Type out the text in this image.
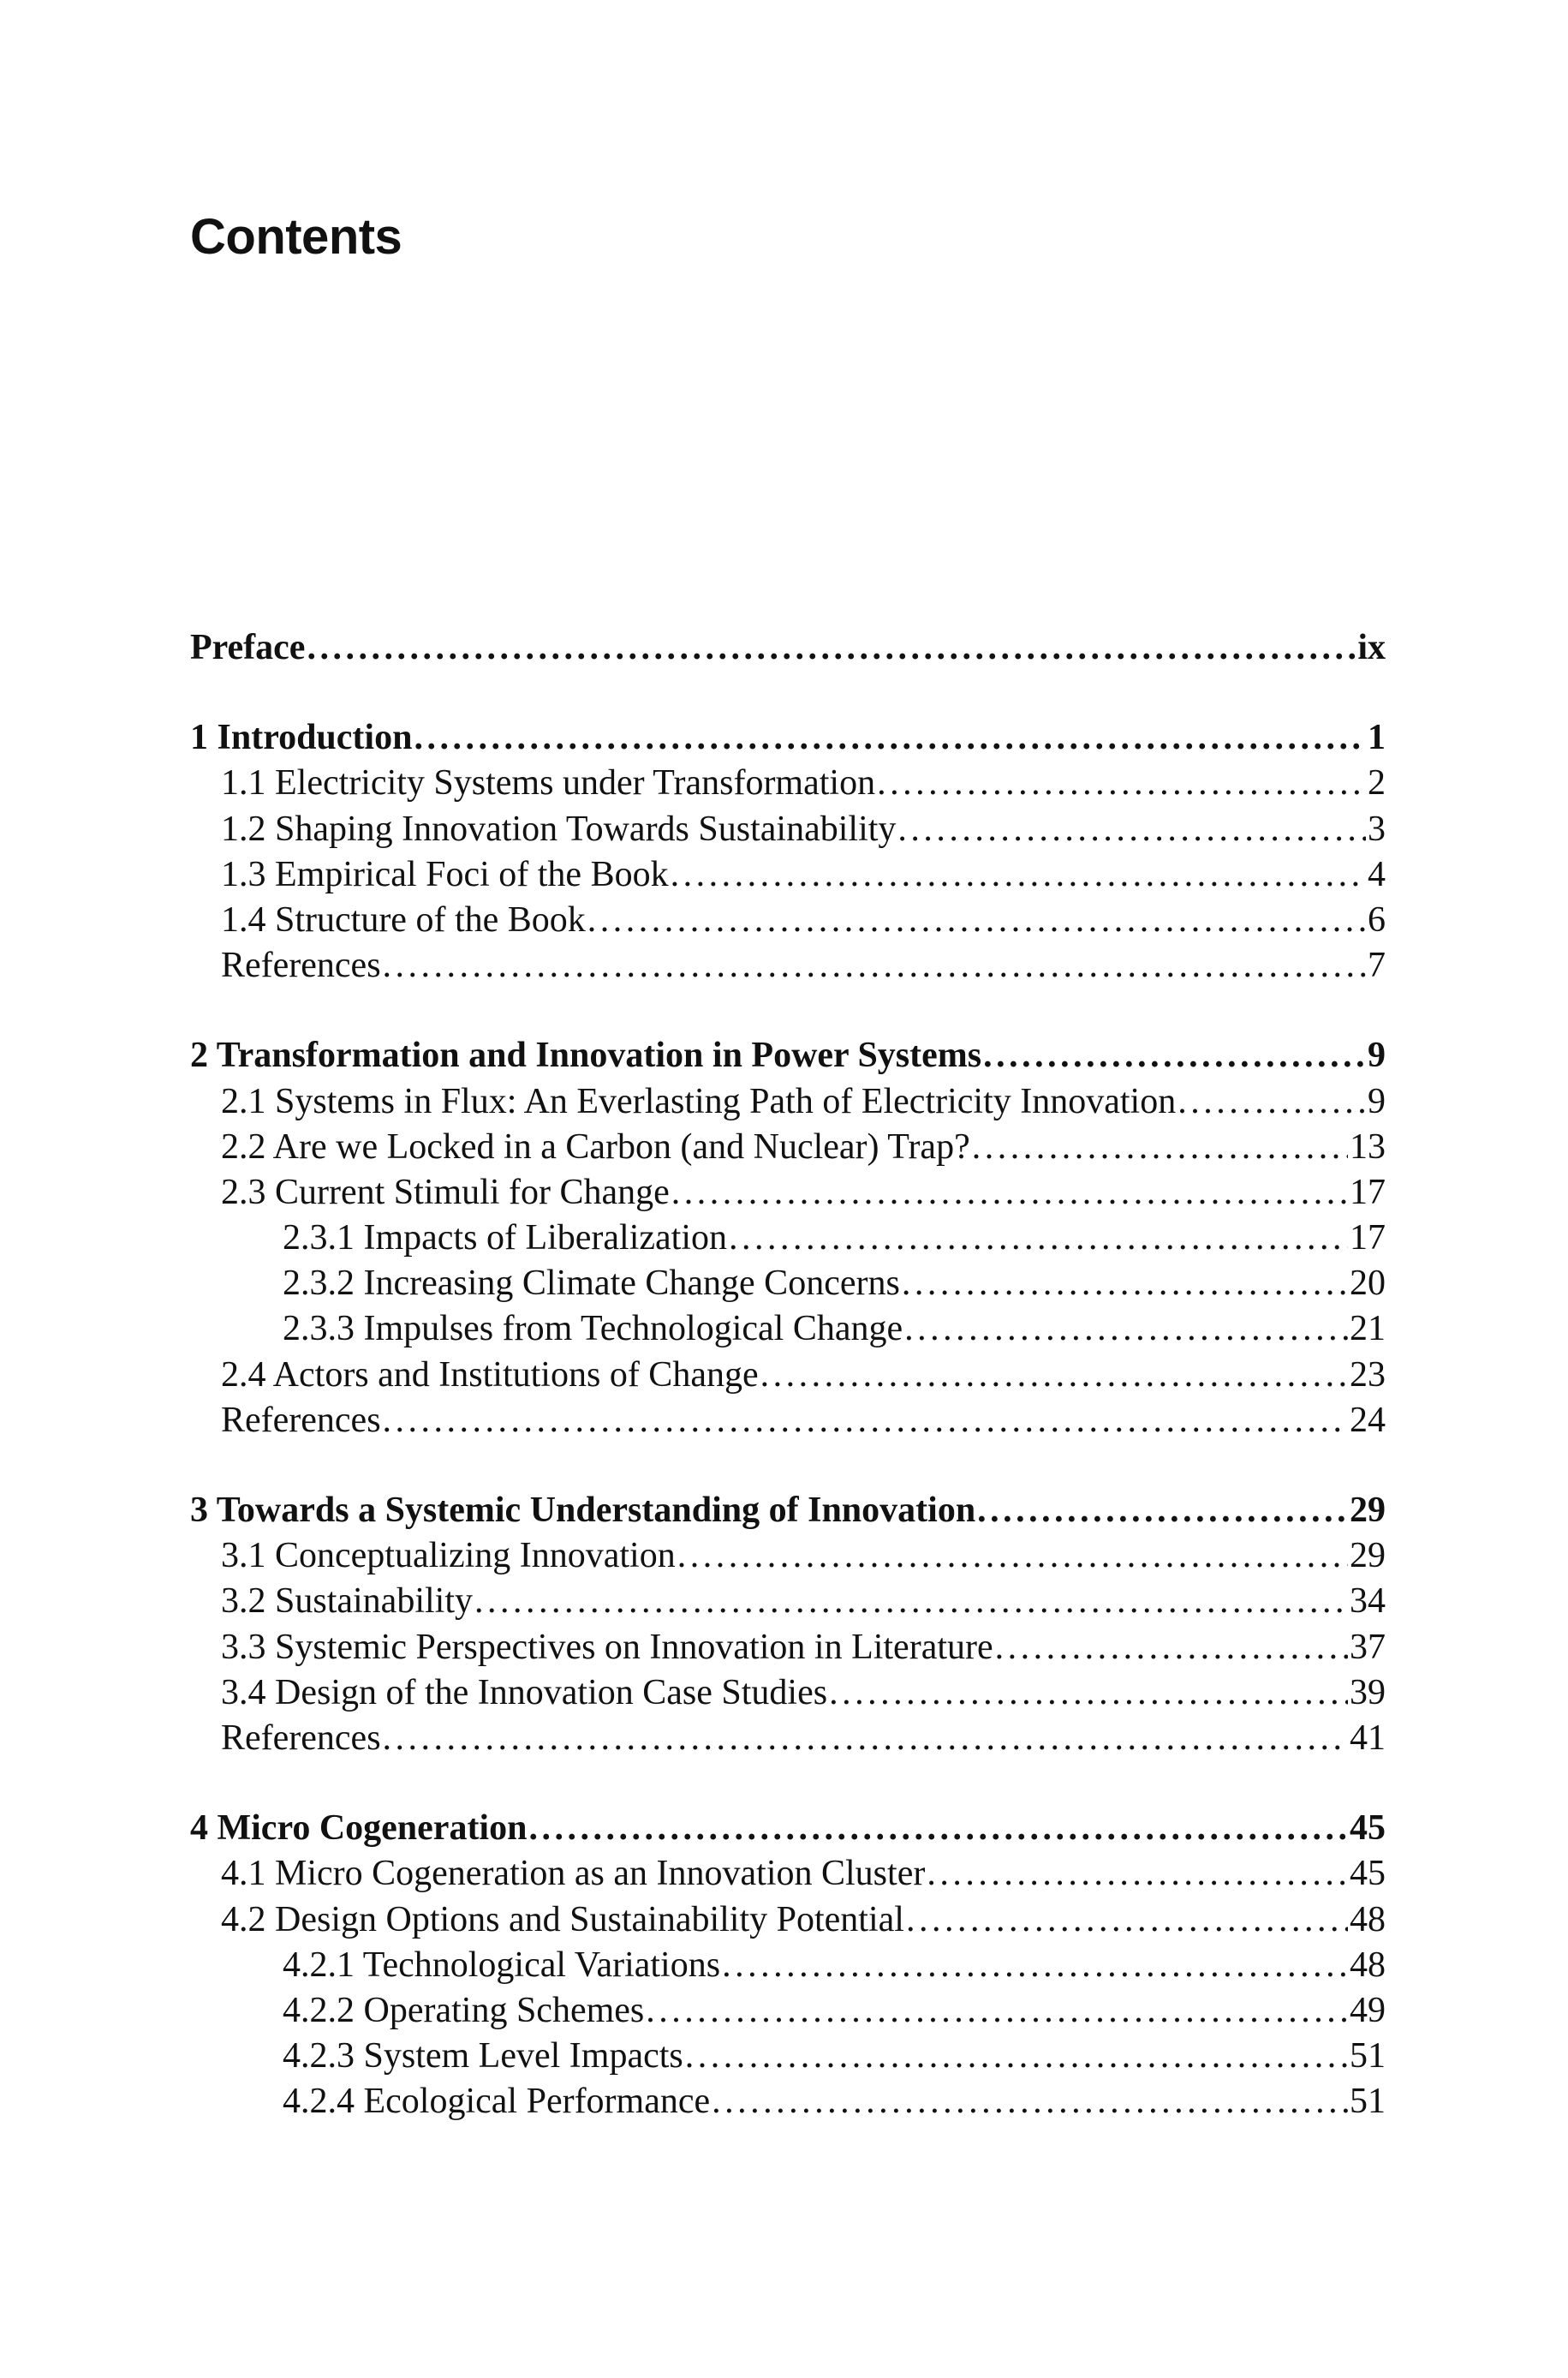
Contents
Preface . . .	ix
1 Introduction . . .	1
1.1 Electricity Systems under Transformation . . .	2
1.2 Shaping Innovation Towards Sustainability . . .	3
1.3 Empirical Foci of the Book . . .	4
1.4 Structure of the Book . . .	6
References . . .	7
2 Transformation and Innovation in Power Systems . . .	9
2.1 Systems in Flux: An Everlasting Path of Electricity Innovation . . .	9
2.2 Are we Locked in a Carbon (and Nuclear) Trap? . . .	13
2.3 Current Stimuli for Change . . .	17
2.3.1 Impacts of Liberalization . . .	17
2.3.2 Increasing Climate Change Concerns . . .	20
2.3.3 Impulses from Technological Change . . .	21
2.4 Actors and Institutions of Change . . .	23
References . . .	24
3 Towards a Systemic Understanding of Innovation . . .	29
3.1 Conceptualizing Innovation . . .	29
3.2 Sustainability . . .	34
3.3 Systemic Perspectives on Innovation in Literature . . .	37
3.4 Design of the Innovation Case Studies . . .	39
References . . .	41
4 Micro Cogeneration . . .	45
4.1 Micro Cogeneration as an Innovation Cluster . . .	45
4.2 Design Options and Sustainability Potential . . .	48
4.2.1 Technological Variations . . .	48
4.2.2 Operating Schemes . . .	49
4.2.3 System Level Impacts . . .	51
4.2.4 Ecological Performance . . .	51
